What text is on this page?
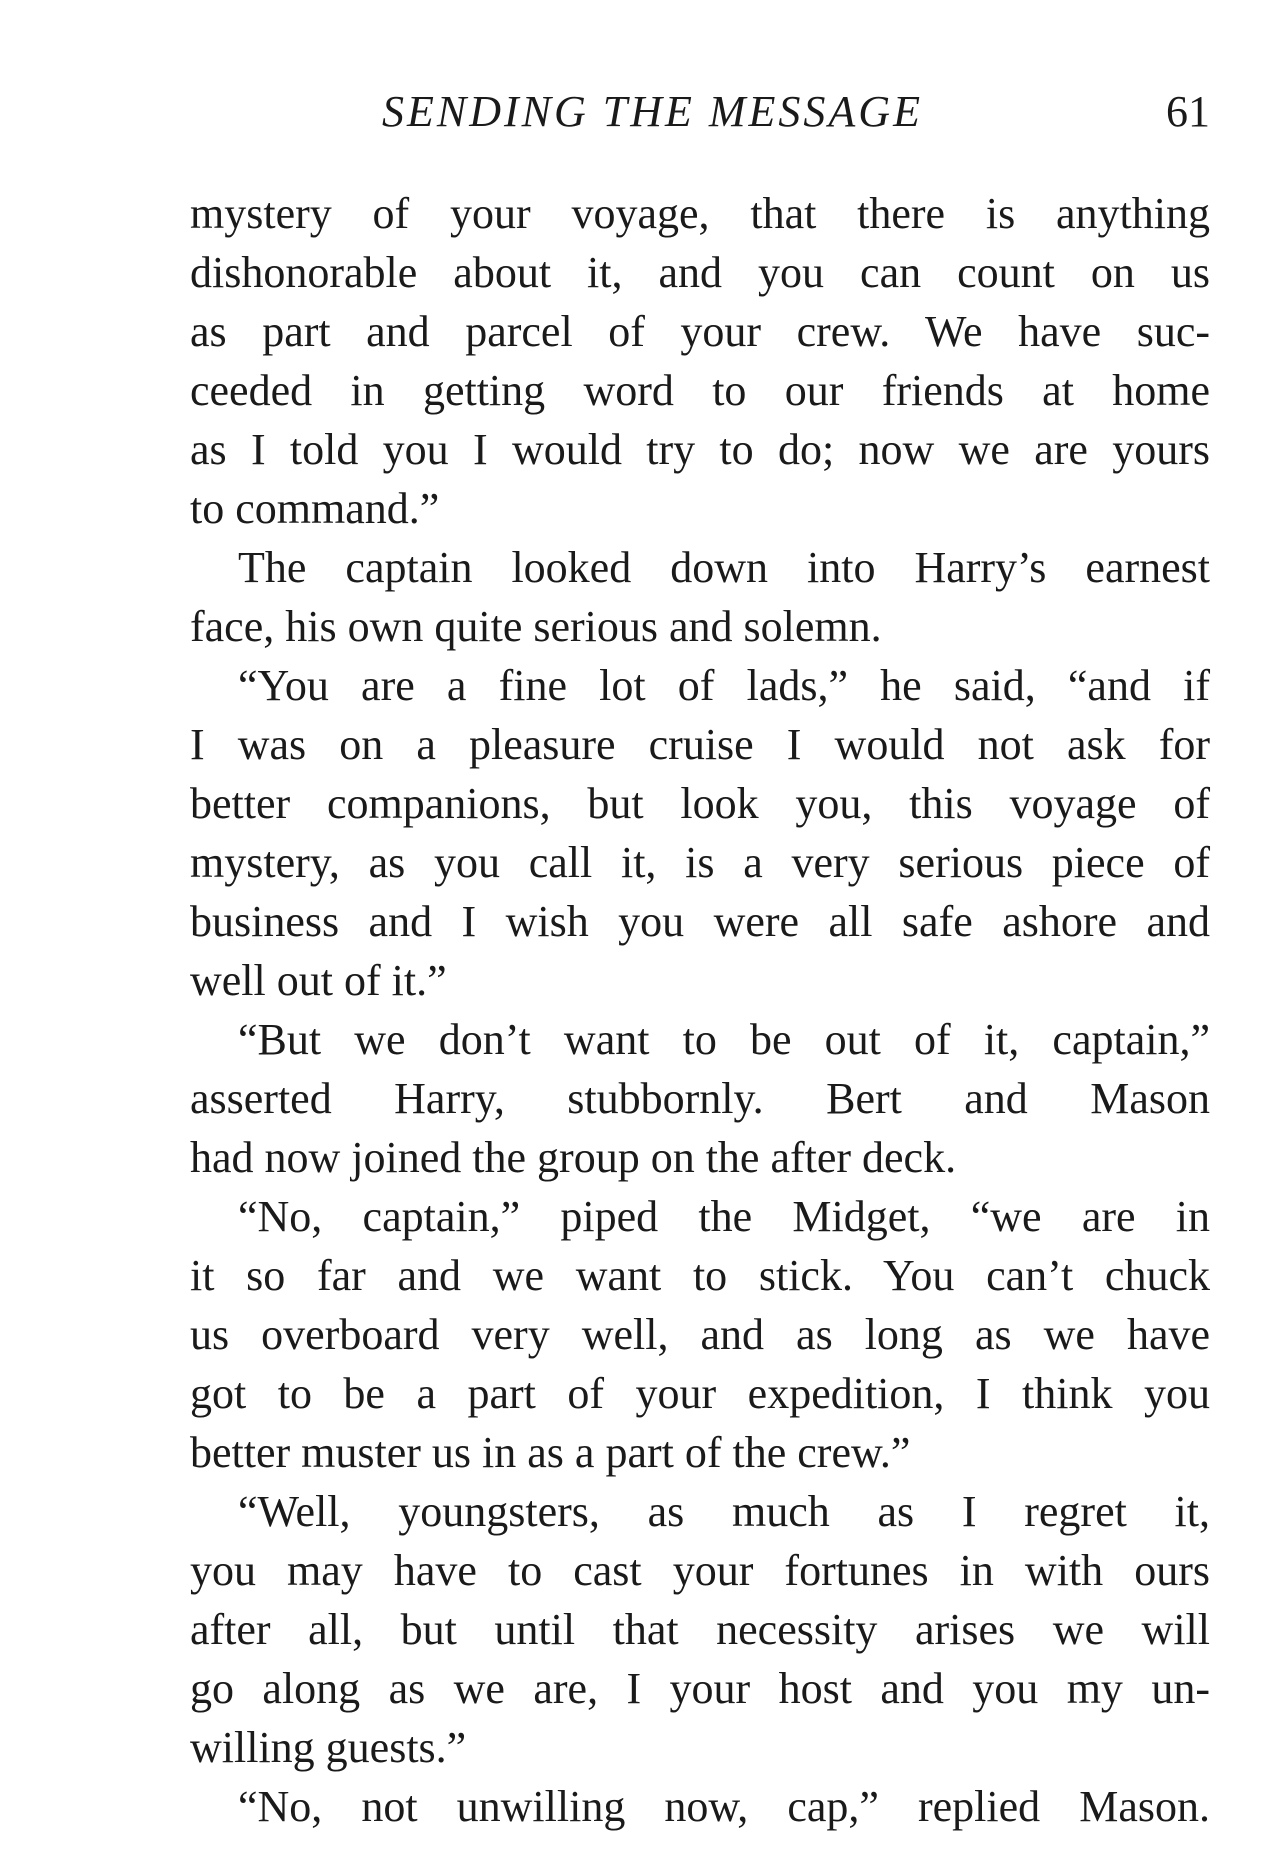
SENDING THE MESSAGE	61
mystery of your voyage, that there is anything
dishonorable about it, and you can count on us
as part and parcel of your crew. We have suc-
ceeded in getting word to our friends at home
as I told you I would try to do; now we are yours
to command.”
The captain looked down into Harry’s earnest
face, his own quite serious and solemn.
“You are a fine lot of lads,” he said, “and if
I was on a pleasure cruise I would not ask for
better companions, but look you, this voyage of
mystery, as you call it, is a very serious piece of
business and I wish you were all safe ashore and
well out of it.”
“But we don’t want to be out of it, captain,”
asserted Harry, stubbornly. Bert and Mason
had now joined the group on the after deck.
“No, captain,” piped the Midget, “we are in
it so far and we want to stick. You can’t chuck
us overboard very well, and as long as we have
got to be a part of your expedition, I think you
better muster us in as a part of the crew.”
“Well, youngsters, as much as I regret it,
you may have to cast your fortunes in with ours
after all, but until that necessity arises we will
go along as we are, I your host and you my un-
willing guests.”
“No, not unwilling now, cap,” replied Mason.
